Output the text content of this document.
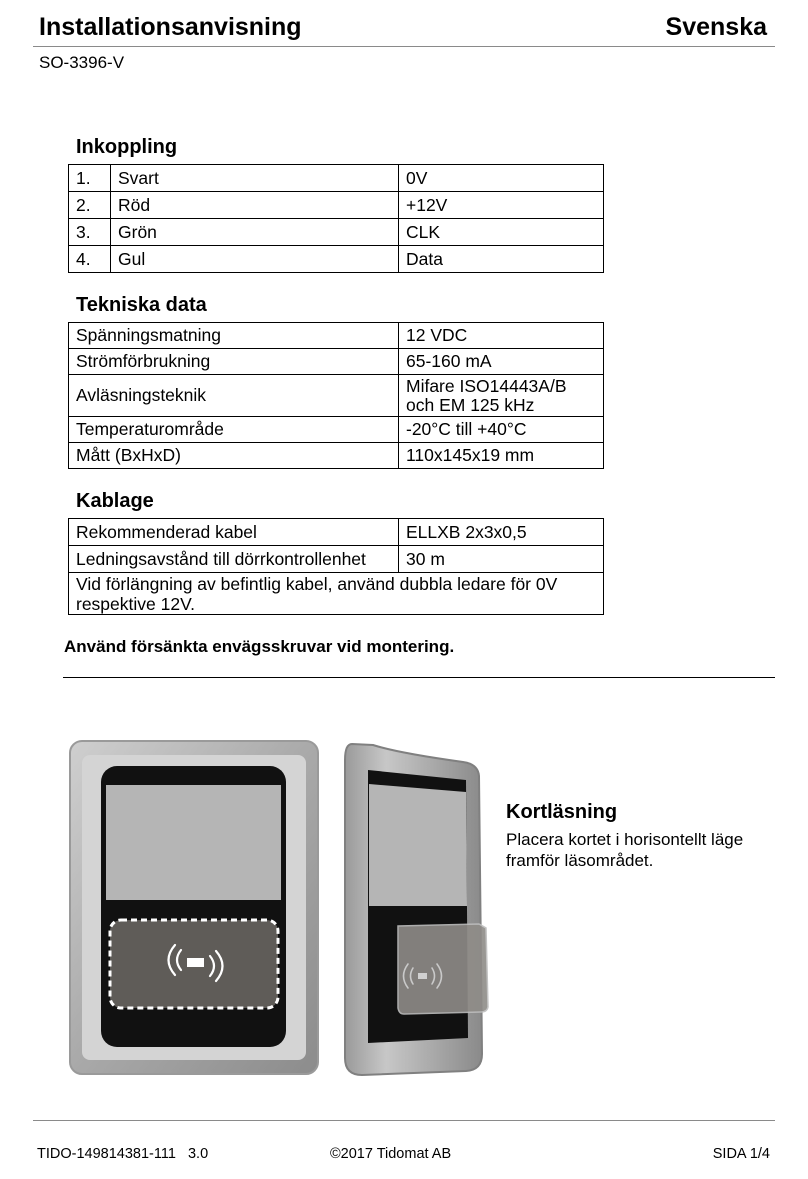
Installationsanvisning	Svenska
SO-3396-V
Inkoppling
1.	Svart	0V
2.	Röd	+12V
3.	Grön	CLK
4.	Gul	Data
Tekniska data
Spänningsmatning	12 VDC
Strömförbrukning	65-160 mA
Avläsningsteknik	Mifare ISO14443A/B
och EM 125 kHz

Temperaturområde	-20°C till +40°C
Mått (BxHxD)	110x145x19 mm
Kablage
Rekommenderad kabel	ELLXB 2x3x0,5
Ledningsavstånd till dörrkontrollenhet	30 m
Vid förlängning av befintlig kabel, använd dubbla ledare för 0V respektive 12V.	
Använd försänkta envägsskruvar vid montering.
Kortläsning
Placera kortet i horisontellt läge framför läsområdet.
TIDO-149814381-111   3.0	©2017 Tidomat AB	SIDA 1/4
